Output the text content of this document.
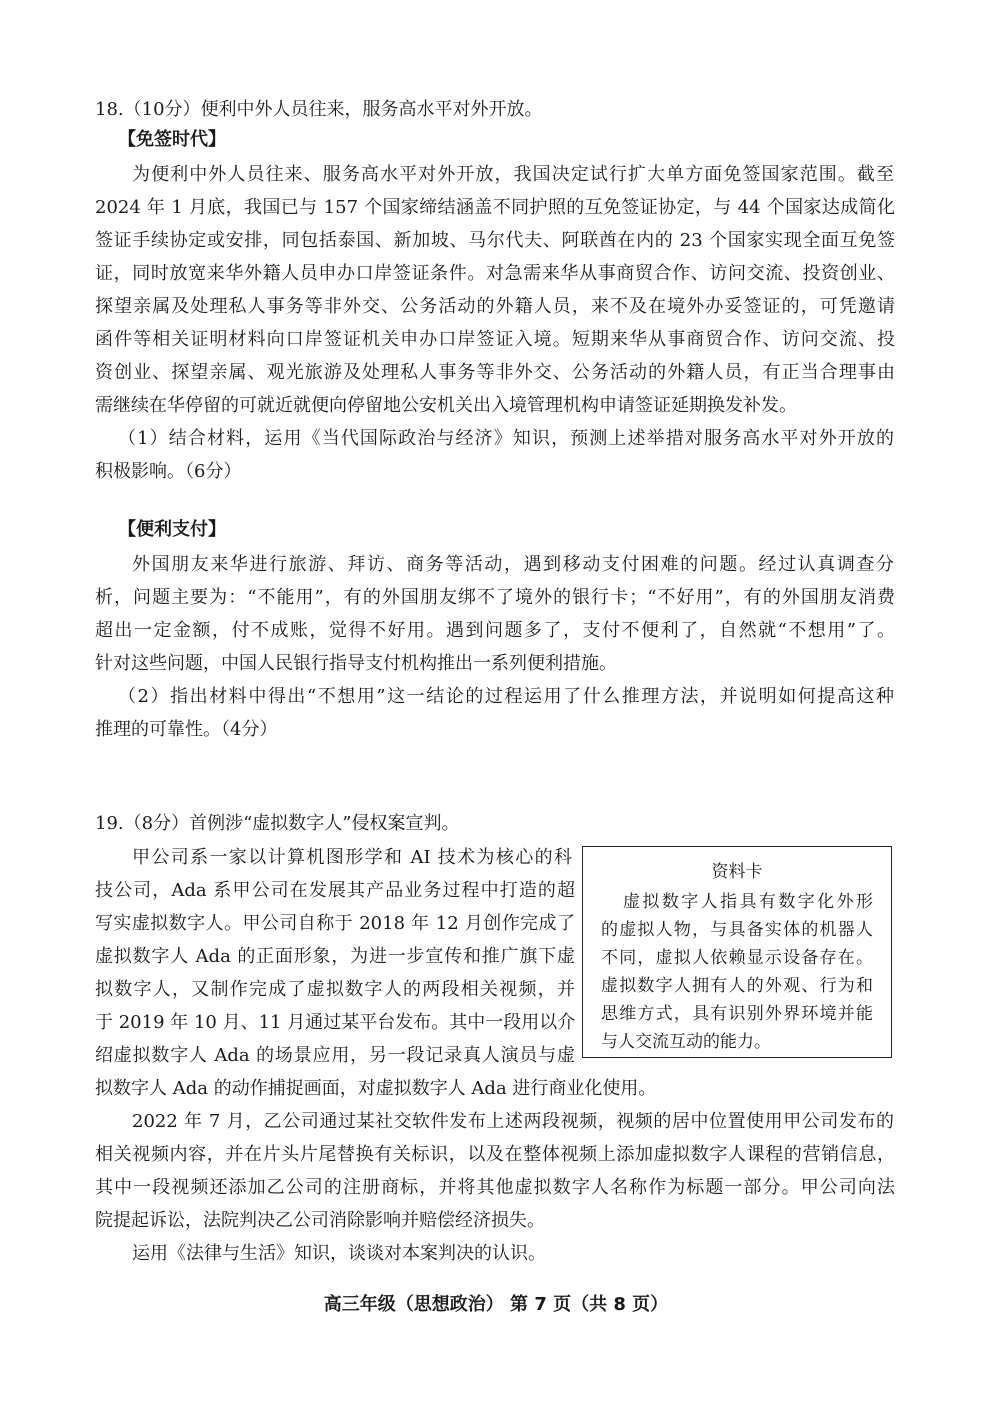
18.（10分）便利中外人员往来，服务高水平对外开放。
【免签时代】
为便利中外人员往来、服务高水平对外开放，我国决定试行扩大单方面免签国家范围。截至
2024 年 1 月底，我国已与 157 个国家缔结涵盖不同护照的互免签证协定，与 44 个国家达成简化
签证手续协定或安排，同包括泰国、新加坡、马尔代夫、阿联酋在内的 23 个国家实现全面互免签
证，同时放宽来华外籍人员申办口岸签证条件。对急需来华从事商贸合作、访问交流、投资创业、
探望亲属及处理私人事务等非外交、公务活动的外籍人员，来不及在境外办妥签证的，可凭邀请
函件等相关证明材料向口岸签证机关申办口岸签证入境。短期来华从事商贸合作、访问交流、投
资创业、探望亲属、观光旅游及处理私人事务等非外交、公务活动的外籍人员，有正当合理事由
需继续在华停留的可就近就便向停留地公安机关出入境管理机构申请签证延期换发补发。
（1）结合材料，运用《当代国际政治与经济》知识，预测上述举措对服务高水平对外开放的
积极影响。（6分）
【便利支付】
外国朋友来华进行旅游、拜访、商务等活动，遇到移动支付困难的问题。经过认真调查分
析，问题主要为：“不能用”，有的外国朋友绑不了境外的银行卡；“不好用”，有的外国朋友消费
超出一定金额，付不成账，觉得不好用。遇到问题多了，支付不便利了，自然就“不想用”了。
针对这些问题，中国人民银行指导支付机构推出一系列便利措施。
（2）指出材料中得出“不想用”这一结论的过程运用了什么推理方法，并说明如何提高这种
推理的可靠性。（4分）
19.（8分）首例涉“虚拟数字人”侵权案宣判。
甲公司系一家以计算机图形学和 AI 技术为核心的科
技公司，Ada 系甲公司在发展其产品业务过程中打造的超
写实虚拟数字人。甲公司自称于 2018 年 12 月创作完成了
虚拟数字人 Ada 的正面形象，为进一步宣传和推广旗下虚
拟数字人，又制作完成了虚拟数字人的两段相关视频，并
于 2019 年 10 月、11 月通过某平台发布。其中一段用以介
绍虚拟数字人 Ada 的场景应用，另一段记录真人演员与虚
拟数字人 Ada 的动作捕捉画面，对虚拟数字人 Ada 进行商业化使用。
资料卡
虚拟数字人指具有数字化外形
的虚拟人物，与具备实体的机器人
不同，虚拟人依赖显示设备存在。
虚拟数字人拥有人的外观、行为和
思维方式，具有识别外界环境并能
与人交流互动的能力。
2022 年 7 月，乙公司通过某社交软件发布上述两段视频，视频的居中位置使用甲公司发布的
相关视频内容，并在片头片尾替换有关标识，以及在整体视频上添加虚拟数字人课程的营销信息，
其中一段视频还添加乙公司的注册商标，并将其他虚拟数字人名称作为标题一部分。甲公司向法
院提起诉讼，法院判决乙公司消除影响并赔偿经济损失。
运用《法律与生活》知识，谈谈对本案判决的认识。
高三年级（思想政治） 第 7 页（共 8 页）
